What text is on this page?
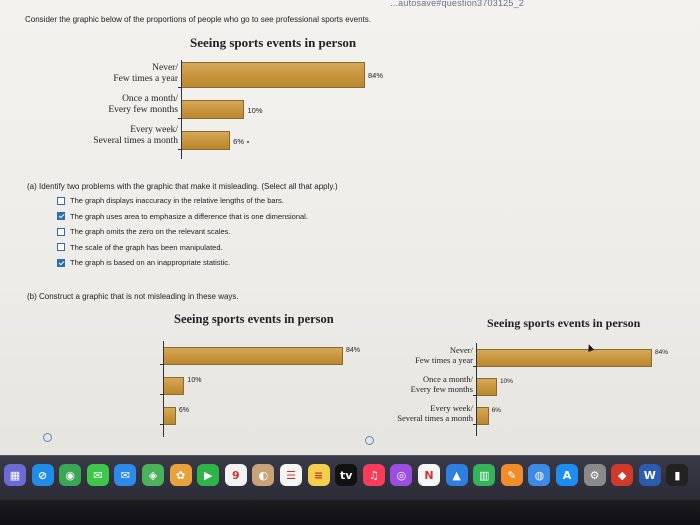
...autosave#question3703125_2
Consider the graphic below of the proportions of people who go to see professional sports events.
Seeing sports events in person
Never/
Few times a year	84%
Once a month/
Every few months	10%
Every week/
Several times a month	6%
(a) Identify two problems with the graphic that make it misleading. (Select all that apply.)
The graph displays inaccuracy in the relative lengths of the bars.
The graph uses area to emphasize a difference that is one dimensional.
The graph omits the zero on the relevant scales.
The scale of the graph has been manipulated.
The graph is based on an inappropriate statistic.
(b) Construct a graphic that is not misleading in these ways.
Seeing sports events in person
84%
10%
6%
Seeing sports events in person
Never/
Few times a year
84%
Once a month/
Every few months
10%
Every week/
Several times a month
6%
▦	⊘	◉	✉	✉	◈	✿	▶	9	◐	☰	≡	tv	♫	◎	N	▲	▥	✎	◍	A	⚙	◆	W	▮
